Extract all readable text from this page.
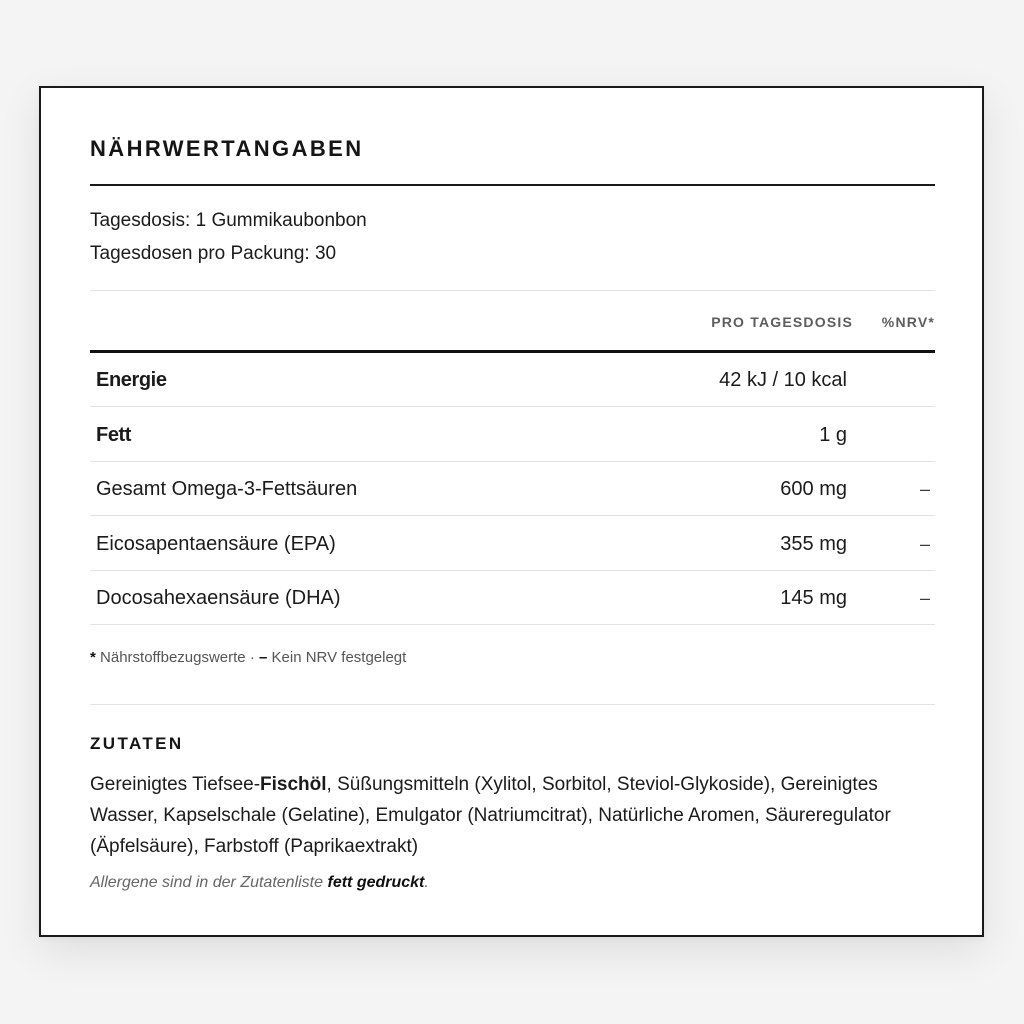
NÄHRWERTANGABEN
Tagesdosis: 1 Gummikaubonbon
Tagesdosen pro Packung: 30
PRO TAGESDOSIS %NRV*
Energie	42 kJ / 10 kcal
Fett	1 g
Gesamt Omega-3-Fettsäuren	600 mg	–
Eicosapentaensäure (EPA)	355 mg	–
Docosahexaensäure (DHA)	145 mg	–
* Nährstoffbezugswerte · – Kein NRV festgelegt
ZUTATEN

Gereinigtes Tiefsee-Fischöl, Süßungsmitteln (Xylitol, Sorbitol, Steviol-Glykoside), Gereinigtes Wasser, Kapselschale (Gelatine), Emulgator (Natriumcitrat), Natürliche Aromen, Säureregulator (Äpfelsäure), Farbstoff (Paprikaextrakt)

Allergene sind in der Zutatenliste fett gedruckt.
